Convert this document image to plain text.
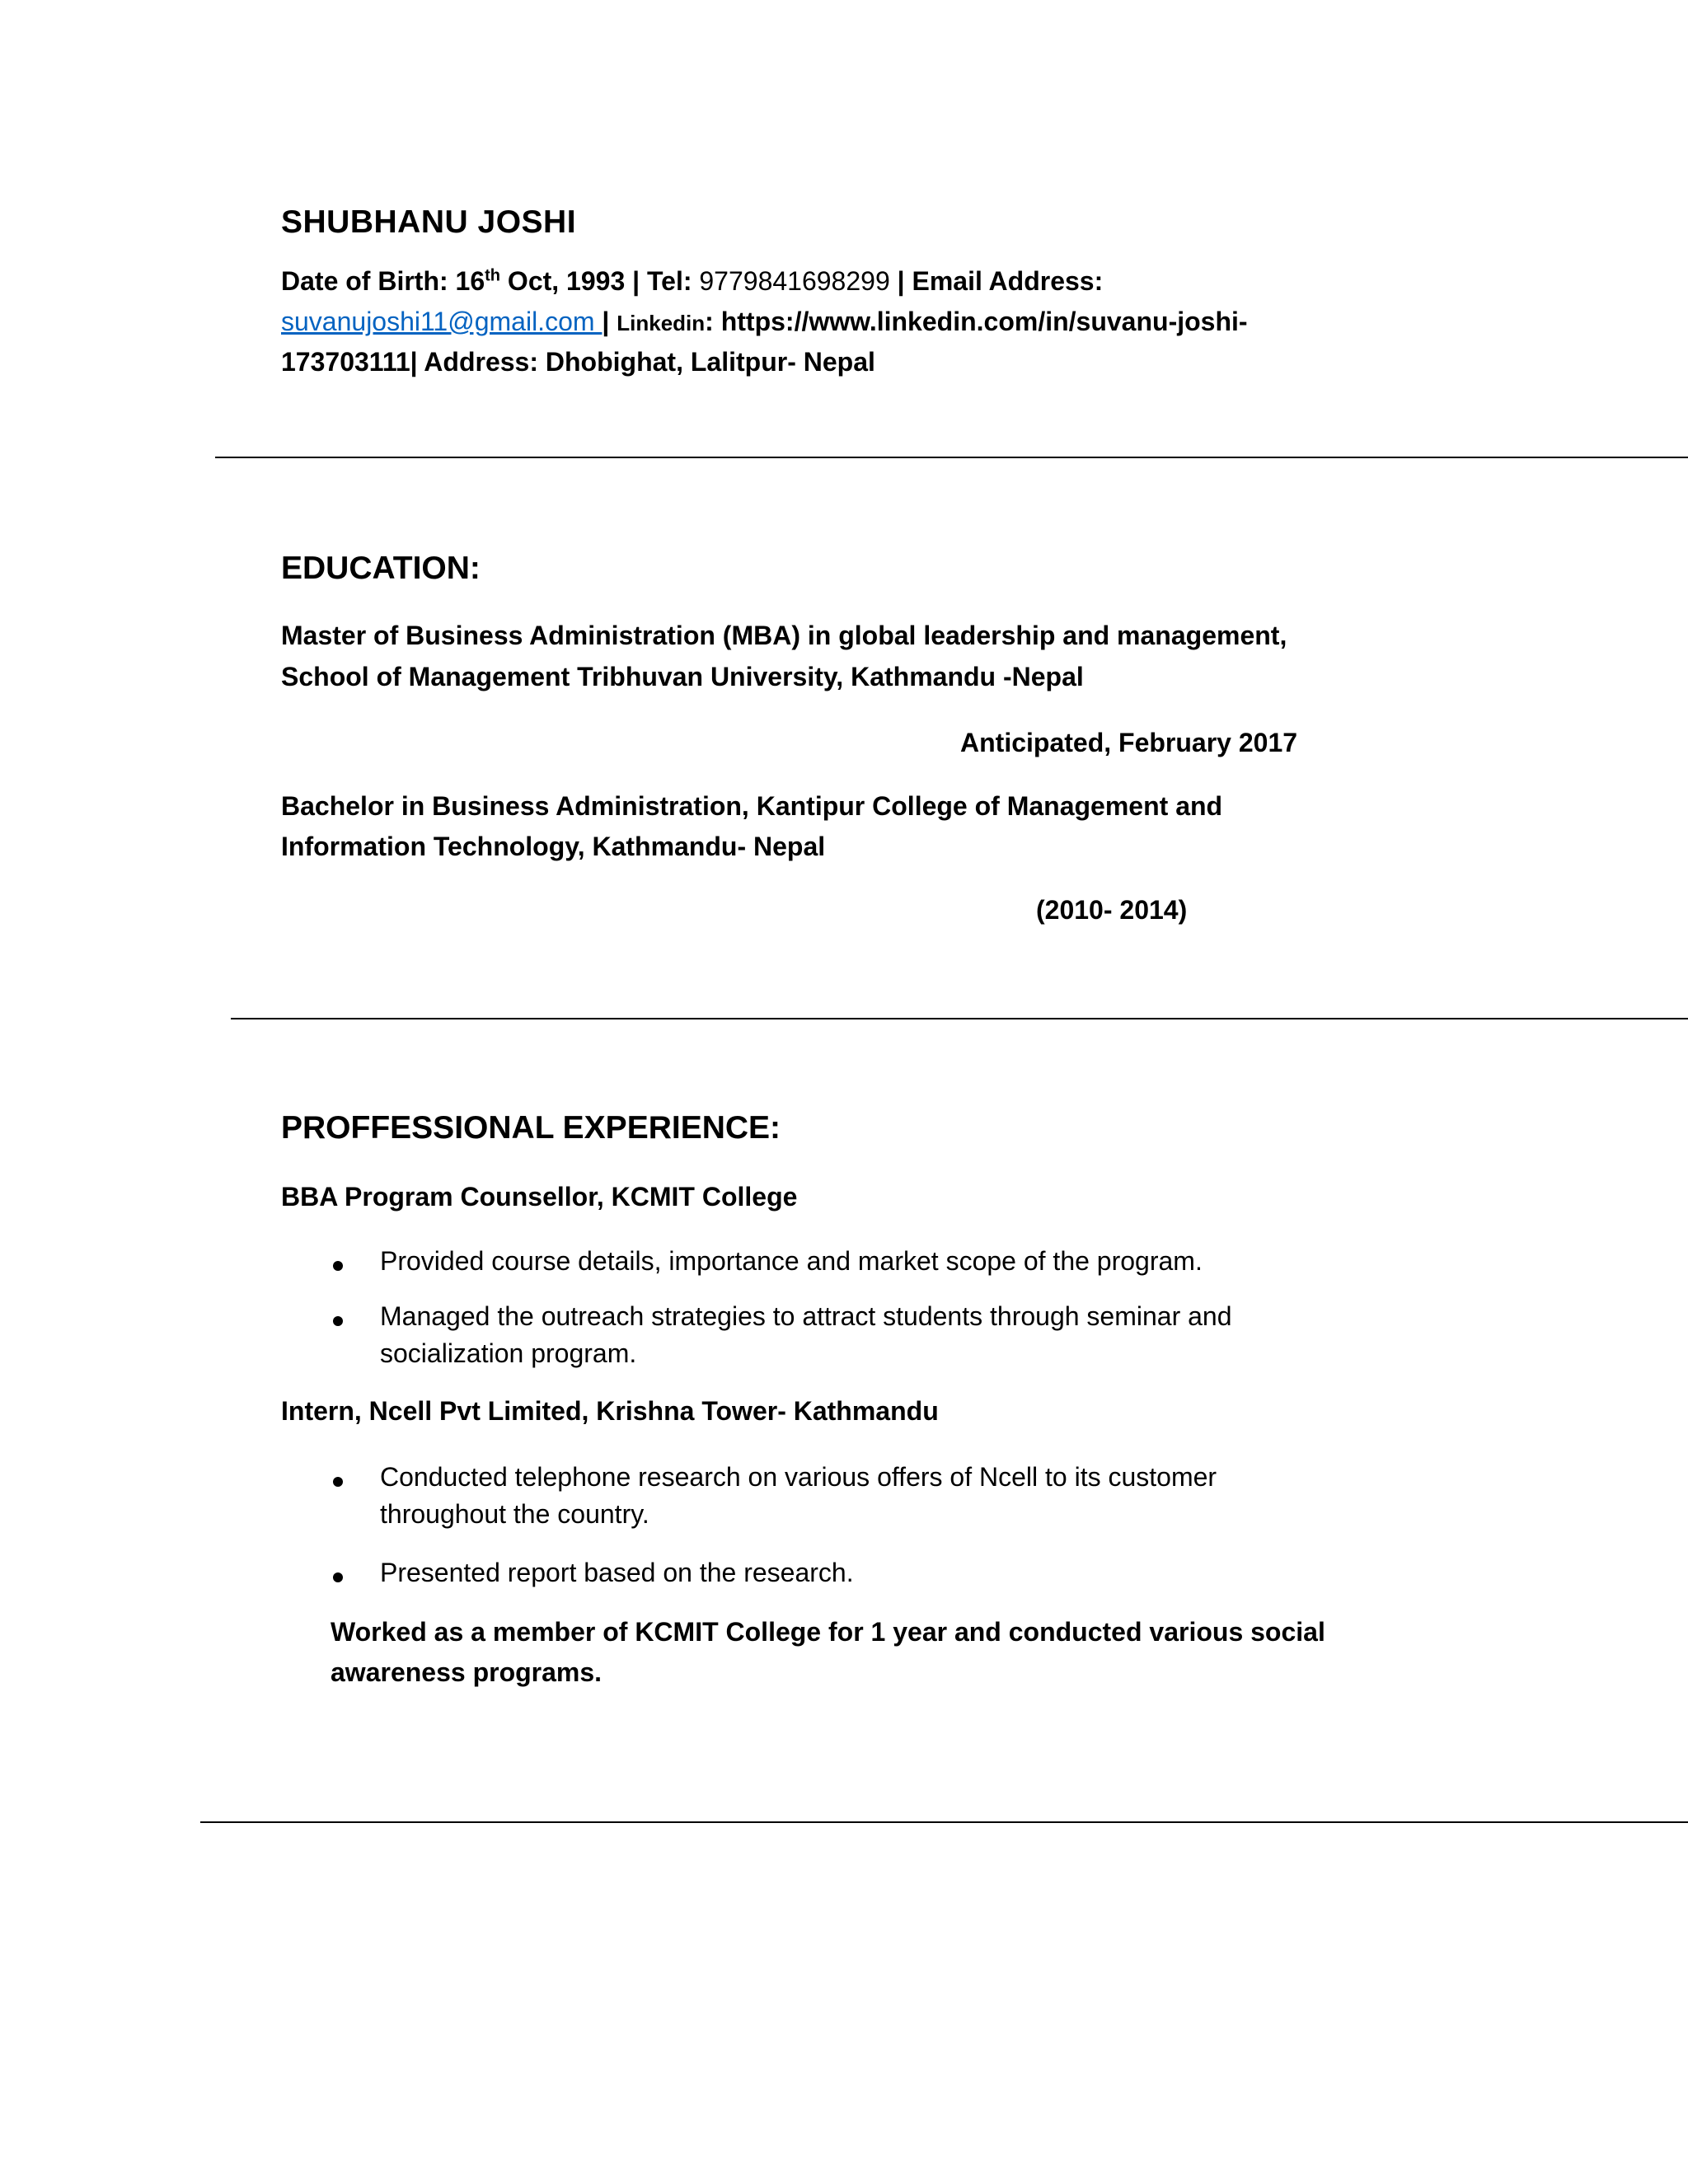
SHUBHANU JOSHI
Date of Birth: 16th Oct, 1993 | Tel: 9779841698299 | Email Address:
suvanujoshi11@gmail.com | Linkedin: https://www.linkedin.com/in/suvanu-joshi-
173703111| Address: Dhobighat, Lalitpur- Nepal
EDUCATION:
Master of Business Administration (MBA) in global leadership and management,
School of Management Tribhuvan University, Kathmandu -Nepal
Anticipated, February 2017
Bachelor in Business Administration, Kantipur College of Management and
Information Technology, Kathmandu- Nepal
(2010- 2014)
PROFFESSIONAL EXPERIENCE:
BBA Program Counsellor, KCMIT College
Provided course details, importance and market scope of the program.
Managed the outreach strategies to attract students through seminar and
socialization program.
Intern, Ncell Pvt Limited, Krishna Tower- Kathmandu
Conducted telephone research on various offers of Ncell to its customer
throughout the country.
Presented report based on the research.
Worked as a member of KCMIT College for 1 year and conducted various social
awareness programs.
